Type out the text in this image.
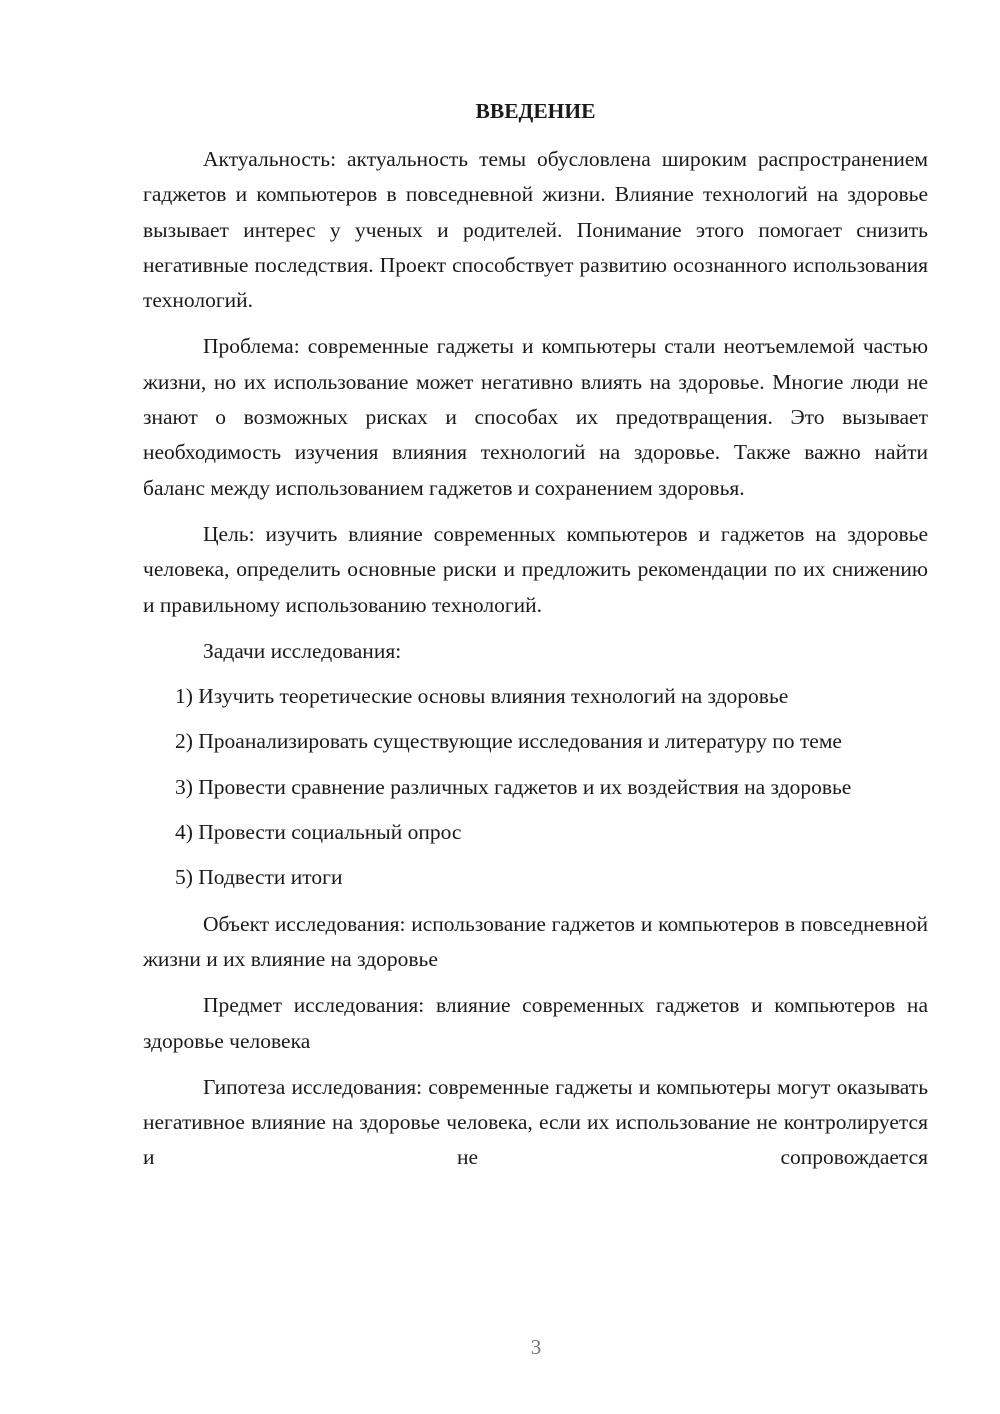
ВВЕДЕНИЕ

Актуальность: актуальность темы обусловлена широким распространением гаджетов и компьютеров в повседневной жизни. Влияние технологий на здоровье вызывает интерес у ученых и родителей. Понимание этого помогает снизить негативные последствия. Проект способствует развитию осознанного использования технологий.

Проблема: современные гаджеты и компьютеры стали неотъемлемой частью жизни, но их использование может негативно влиять на здоровье. Многие люди не знают о возможных рисках и способах их предотвращения. Это вызывает необходимость изучения влияния технологий на здоровье. Также важно найти баланс между использованием гаджетов и сохранением здоровья.

Цель: изучить влияние современных компьютеров и гаджетов на здоровье человека, определить основные риски и предложить рекомендации по их снижению и правильному использованию технологий.

Задачи исследования:

1) Изучить теоретические основы влияния технологий на здоровье

2) Проанализировать существующие исследования и литературу по теме

3) Провести сравнение различных гаджетов и их воздействия на здоровье

4) Провести социальный опрос

5) Подвести итоги

Объект исследования: использование гаджетов и компьютеров в повседневной жизни и их влияние на здоровье

Предмет исследования: влияние современных гаджетов и компьютеров на здоровье человека

Гипотеза исследования: современные гаджеты и компьютеры могут оказывать негативное влияние на здоровье человека, если их использование не контролируется и не сопровождается

3
